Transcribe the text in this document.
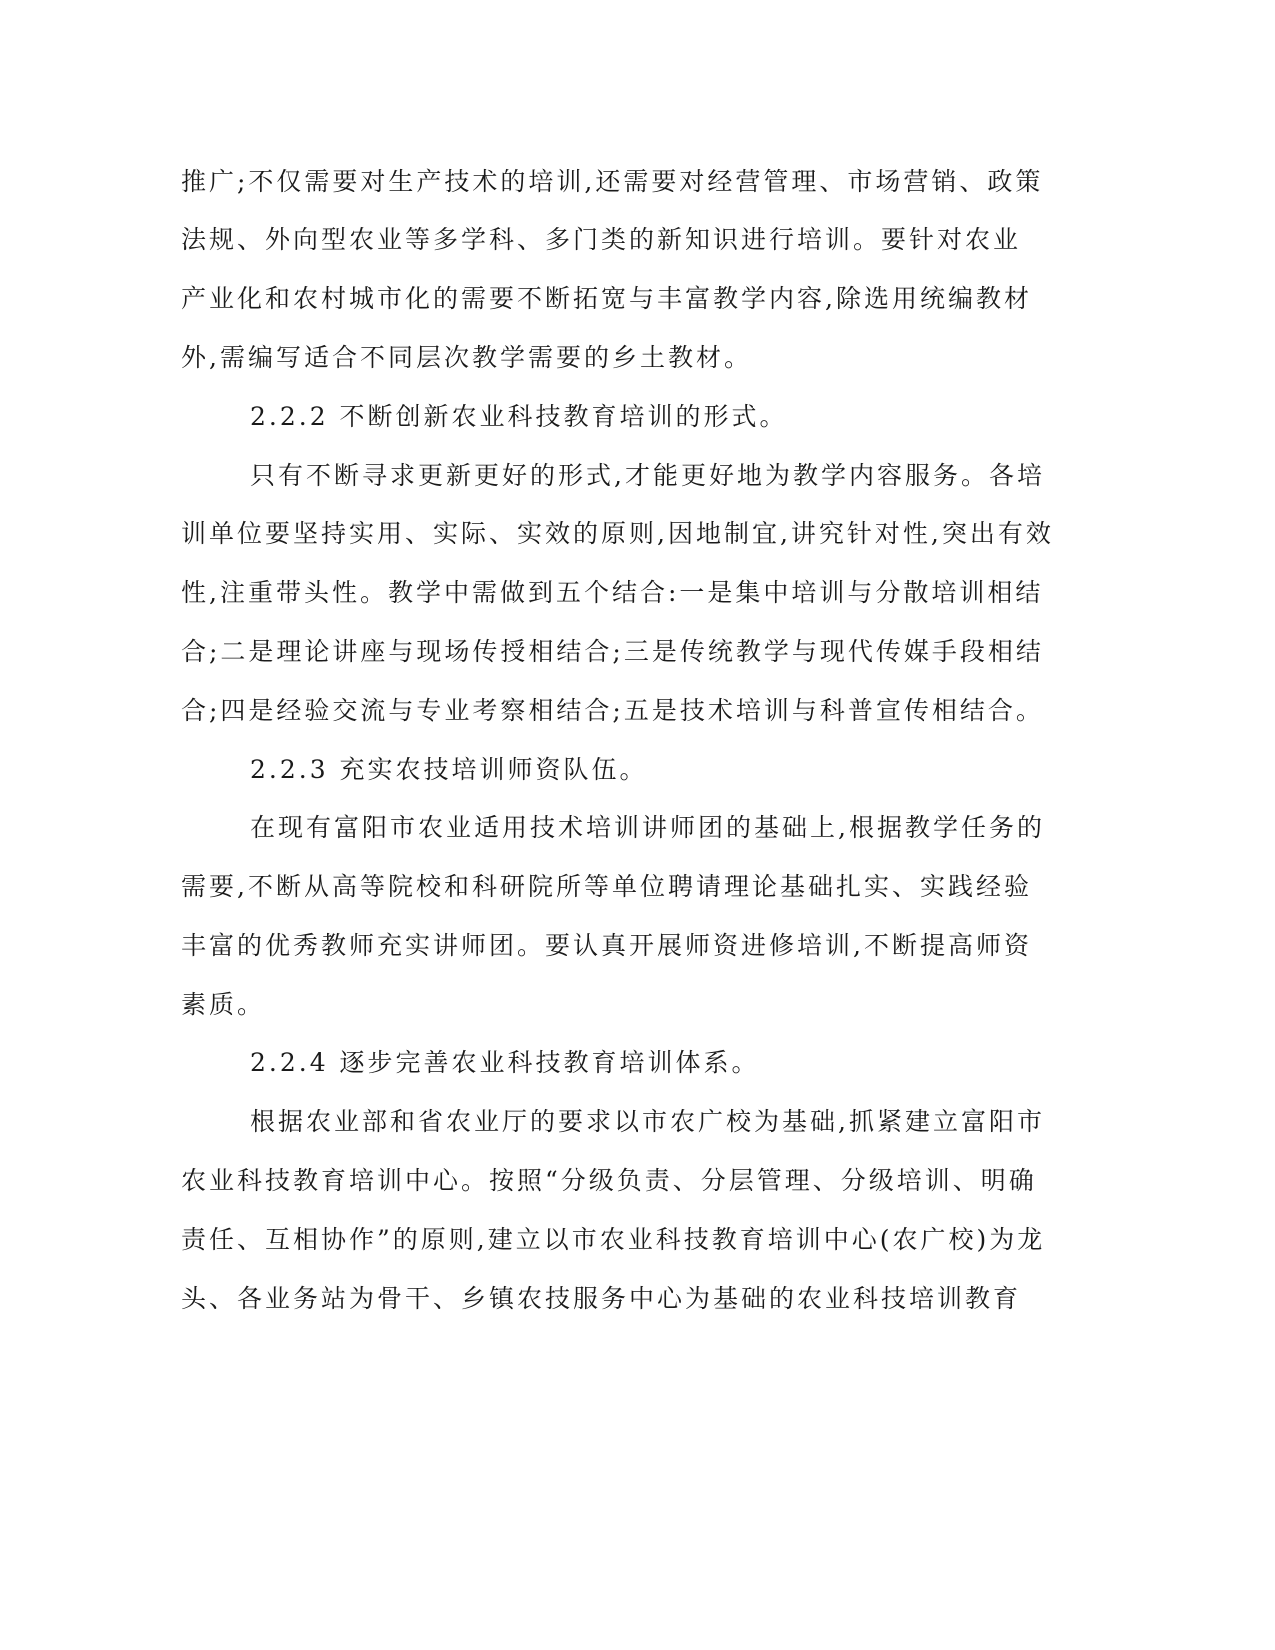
推广;不仅需要对生产技术的培训,还需要对经营管理、市场营销、政策
法规、外向型农业等多学科、多门类的新知识进行培训。要针对农业
产业化和农村城市化的需要不断拓宽与丰富教学内容,除选用统编教材
外,需编写适合不同层次教学需要的乡土教材。
2.2.2 不断创新农业科技教育培训的形式。
只有不断寻求更新更好的形式,才能更好地为教学内容服务。各培
训单位要坚持实用、实际、实效的原则,因地制宜,讲究针对性,突出有效
性,注重带头性。教学中需做到五个结合:一是集中培训与分散培训相结
合;二是理论讲座与现场传授相结合;三是传统教学与现代传媒手段相结
合;四是经验交流与专业考察相结合;五是技术培训与科普宣传相结合。
2.2.3 充实农技培训师资队伍。
在现有富阳市农业适用技术培训讲师团的基础上,根据教学任务的
需要,不断从高等院校和科研院所等单位聘请理论基础扎实、实践经验
丰富的优秀教师充实讲师团。要认真开展师资进修培训,不断提高师资
素质。
2.2.4 逐步完善农业科技教育培训体系。
根据农业部和省农业厅的要求以市农广校为基础,抓紧建立富阳市
农业科技教育培训中心。按照“分级负责、分层管理、分级培训、明确
责任、互相协作”的原则,建立以市农业科技教育培训中心(农广校)为龙
头、各业务站为骨干、乡镇农技服务中心为基础的农业科技培训教育
